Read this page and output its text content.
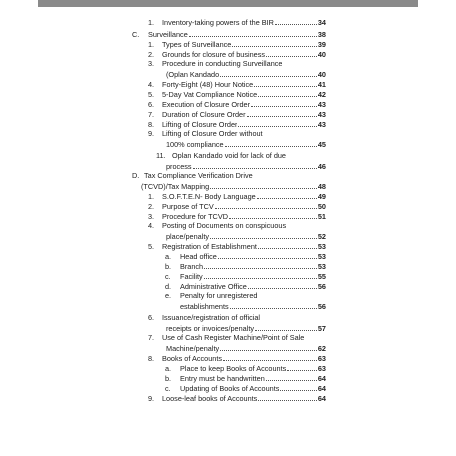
1.	Inventory-taking powers of the BIR	34
C.	Surveillance	38
1.	Types of Surveillance	39
2.	Grounds for closure of business	40
3.	Procedure in conducting Surveillance
(Oplan Kandado	40
4.	Forty-Eight (48) Hour Notice	41
5.	5-Day Vat Compliance Notice	42
6.	Execution of Closure Order	43
7.	Duration of Closure Order	43
8.	Lifting of Closure Order	43
9.	Lifting of Closure Order without
100% compliance	45
11. Oplan Kandado void for lack of due
process	46
D. Tax Compliance Verification Drive
(TCVD)/Tax Mapping	48
1.	S.O.F.T.E.N- Body Language	49
2.	Purpose of TCV	50
3.	Procedure for TCVD	51
4.	Posting of Documents on conspicuous
place/penalty	52
5.	Registration of Establishment	53
a.	Head office	53
b.	Branch	53
c.	Facility	55
d.	Administrative Office	56
e.	Penalty for unregistered
establishments	56
6.	Issuance/registration of official
receipts or invoices/penalty	57
7.	Use of Cash Register Machine/Point of Sale
Machine/penalty	62
8.	Books of Accounts	63
a.	Place to keep Books of Accounts	63
b.	Entry must be handwritten	64
c.	Updating of Books of Accounts	64
9.	Loose-leaf books of Accounts	64
